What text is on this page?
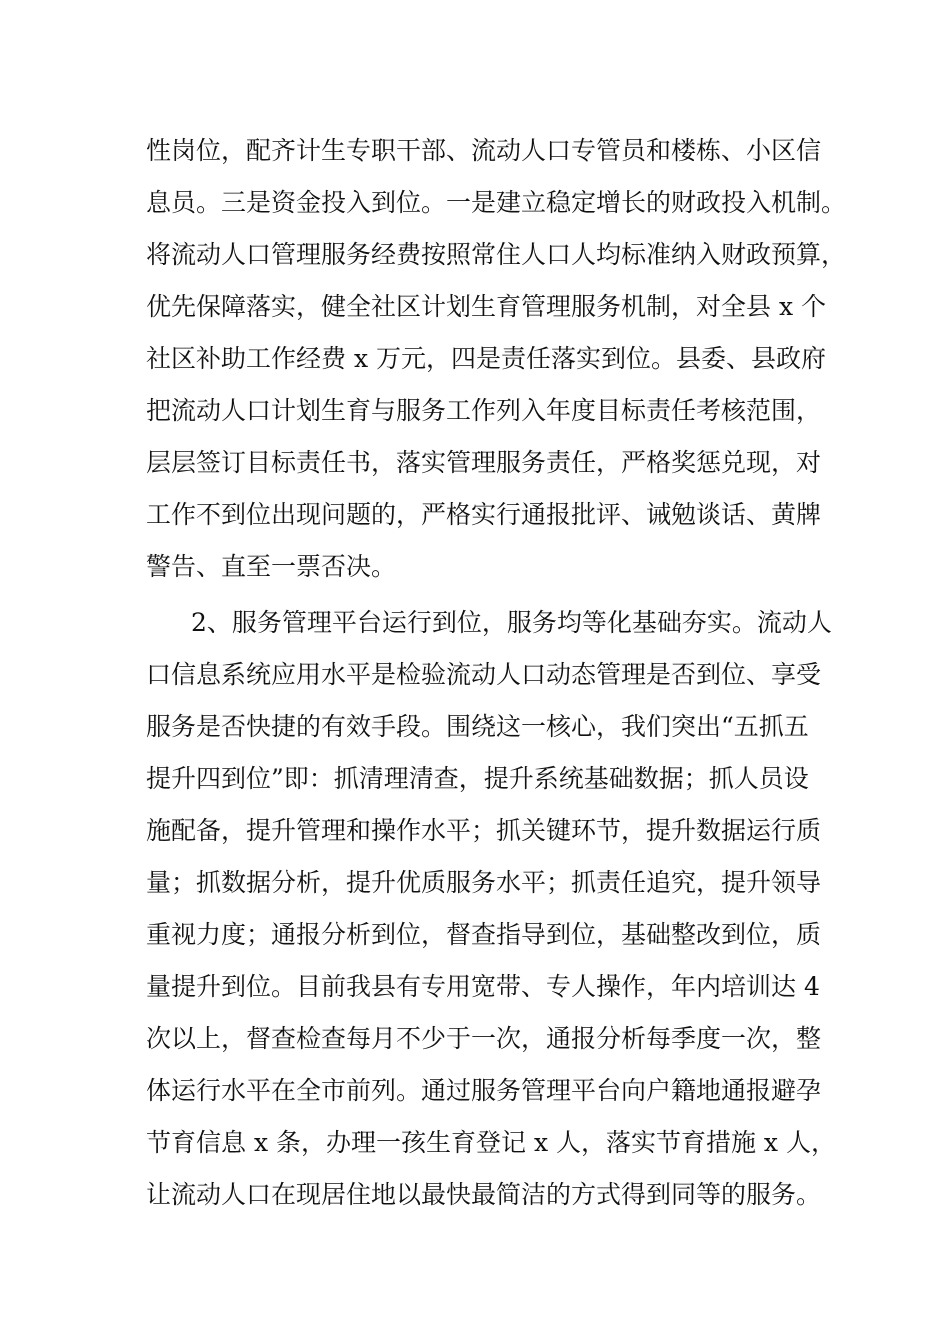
性岗位，配齐计生专职干部、流动人口专管员和楼栋、小区信

息员。三是资金投入到位。一是建立稳定增长的财政投入机制。

将流动人口管理服务经费按照常住人口人均标准纳入财政预算，

优先保障落实，健全社区计划生育管理服务机制，对全县 x 个

社区补助工作经费 x 万元，四是责任落实到位。县委、县政府

把流动人口计划生育与服务工作列入年度目标责任考核范围，

层层签订目标责任书，落实管理服务责任，严格奖惩兑现，对

工作不到位出现问题的，严格实行通报批评、诫勉谈话、黄牌

警告、直至一票否决。

2、服务管理平台运行到位，服务均等化基础夯实。流动人

口信息系统应用水平是检验流动人口动态管理是否到位、享受

服务是否快捷的有效手段。围绕这一核心，我们突出“五抓五

提升四到位”即：抓清理清查，提升系统基础数据；抓人员设

施配备，提升管理和操作水平；抓关键环节，提升数据运行质

量；抓数据分析，提升优质服务水平；抓责任追究，提升领导

重视力度；通报分析到位，督查指导到位，基础整改到位，质

量提升到位。目前我县有专用宽带、专人操作，年内培训达 4

次以上，督查检查每月不少于一次，通报分析每季度一次，整

体运行水平在全市前列。通过服务管理平台向户籍地通报避孕

节育信息 x 条，办理一孩生育登记 x 人，落实节育措施 x 人，

让流动人口在现居住地以最快最简洁的方式得到同等的服务。
